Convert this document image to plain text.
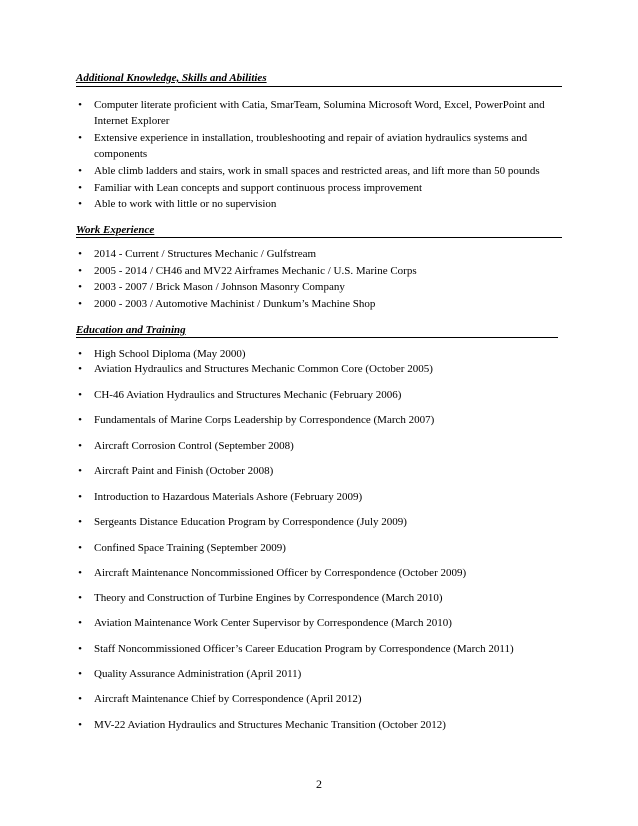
Additional Knowledge, Skills and Abilities
• Computer literate proficient with Catia, SmarTeam, Solumina Microsoft Word, Excel, PowerPoint and Internet Explorer
• Extensive experience in installation, troubleshooting and repair of aviation hydraulics systems and components
• Able climb ladders and stairs, work in small spaces and restricted areas, and lift more than 50 pounds
• Familiar with Lean concepts and support continuous process improvement
• Able to work with little or no supervision
Work Experience
• 2014 - Current / Structures Mechanic / Gulfstream
• 2005 - 2014 / CH46 and MV22 Airframes Mechanic / U.S. Marine Corps
• 2003 - 2007 / Brick Mason / Johnson Masonry Company
• 2000 - 2003 / Automotive Machinist / Dunkum’s Machine Shop
Education and Training
• High School Diploma (May 2000)
• Aviation Hydraulics and Structures Mechanic Common Core (October 2005)
• CH-46 Aviation Hydraulics and Structures Mechanic (February 2006)
• Fundamentals of Marine Corps Leadership by Correspondence (March 2007)
• Aircraft Corrosion Control (September 2008)
• Aircraft Paint and Finish (October 2008)
• Introduction to Hazardous Materials Ashore (February 2009)
• Sergeants Distance Education Program by Correspondence (July 2009)
• Confined Space Training (September 2009)
• Aircraft Maintenance Noncommissioned Officer by Correspondence (October 2009)
• Theory and Construction of Turbine Engines by Correspondence (March 2010)
• Aviation Maintenance Work Center Supervisor by Correspondence (March 2010)
• Staff Noncommissioned Officer’s Career Education Program by Correspondence (March 2011)
• Quality Assurance Administration (April 2011)
• Aircraft Maintenance Chief by Correspondence (April 2012)
• MV-22 Aviation Hydraulics and Structures Mechanic Transition (October 2012)
2
